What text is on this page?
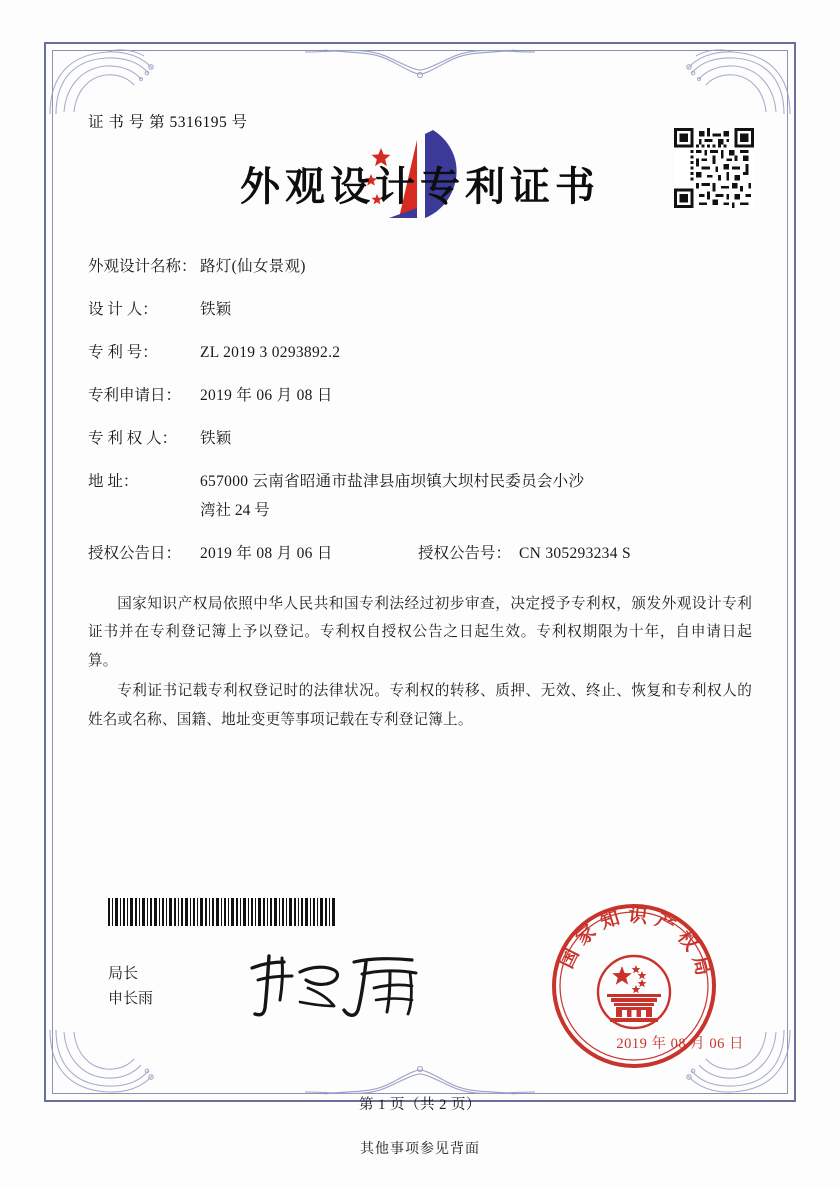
证 书 号 第 5316195 号
外观设计专利证书
外观设计名称： 路灯(仙女景观)
设 计 人：	铁颖
专 利 号：	ZL 2019 3 0293892.2
专利申请日：	2019 年 06 月 08 日
专 利 权 人：	铁颖
地 址：	657000 云南省昭通市盐津县庙坝镇大坝村民委员会小沙
湾社 24 号
授权公告日：	2019 年 08 月 06 日	授权公告号： CN 305293234 S

国家知识产权局依照中华人民共和国专利法经过初步审查，决定授予专利权，颁发外观设计专利证书并在专利登记簿上予以登记。专利权自授权公告之日起生效。专利权期限为十年，自申请日起算。

专利证书记载专利权登记时的法律状况。专利权的转移、质押、无效、终止、恢复和专利权人的姓名或名称、国籍、地址变更等事项记载在专利登记簿上。

局长
申长雨
国家知识产权局
2019 年 08 月 06 日
第 1 页（共 2 页）
其他事项参见背面
